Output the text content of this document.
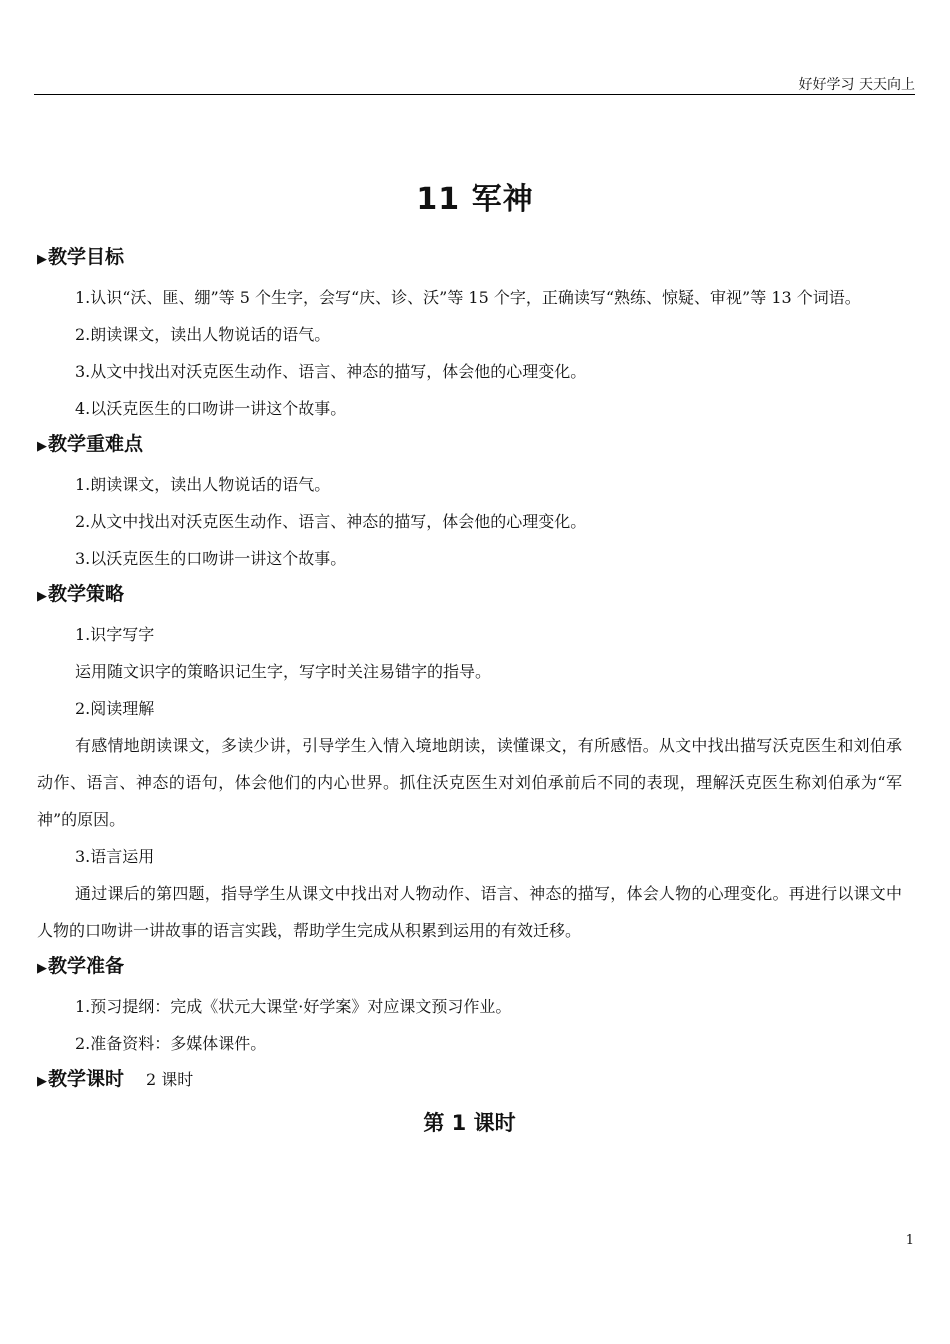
好好学习 天天向上
11 军神
▶ 教学目标

1.认识“沃、匪、绷”等 5 个生字，会写“庆、诊、沃”等 15 个字，正确读写“熟练、惊疑、审视”等 13 个词语。

2.朗读课文，读出人物说话的语气。

3.从文中找出对沃克医生动作、语言、神态的描写，体会他的心理变化。

4.以沃克医生的口吻讲一讲这个故事。

▶ 教学重难点

1.朗读课文，读出人物说话的语气。

2.从文中找出对沃克医生动作、语言、神态的描写，体会他的心理变化。

3.以沃克医生的口吻讲一讲这个故事。

▶ 教学策略

1.识字写字

运用随文识字的策略识记生字，写字时关注易错字的指导。

2.阅读理解

有感情地朗读课文，多读少讲，引导学生入情入境地朗读，读懂课文，有所感悟。从文中找出描写沃克医生和刘伯承动作、语言、神态的语句，体会他们的内心世界。抓住沃克医生对刘伯承前后不同的表现，理解沃克医生称刘伯承为“军神”的原因。

3.语言运用

通过课后的第四题，指导学生从课文中找出对人物动作、语言、神态的描写，体会人物的心理变化。再进行以课文中人物的口吻讲一讲故事的语言实践，帮助学生完成从积累到运用的有效迁移。

▶ 教学准备

1.预习提纲：完成《状元大课堂·好学案》对应课文预习作业。

2.准备资料：多媒体课件。

▶ 教学课时 2 课时
第 1 课时
1
